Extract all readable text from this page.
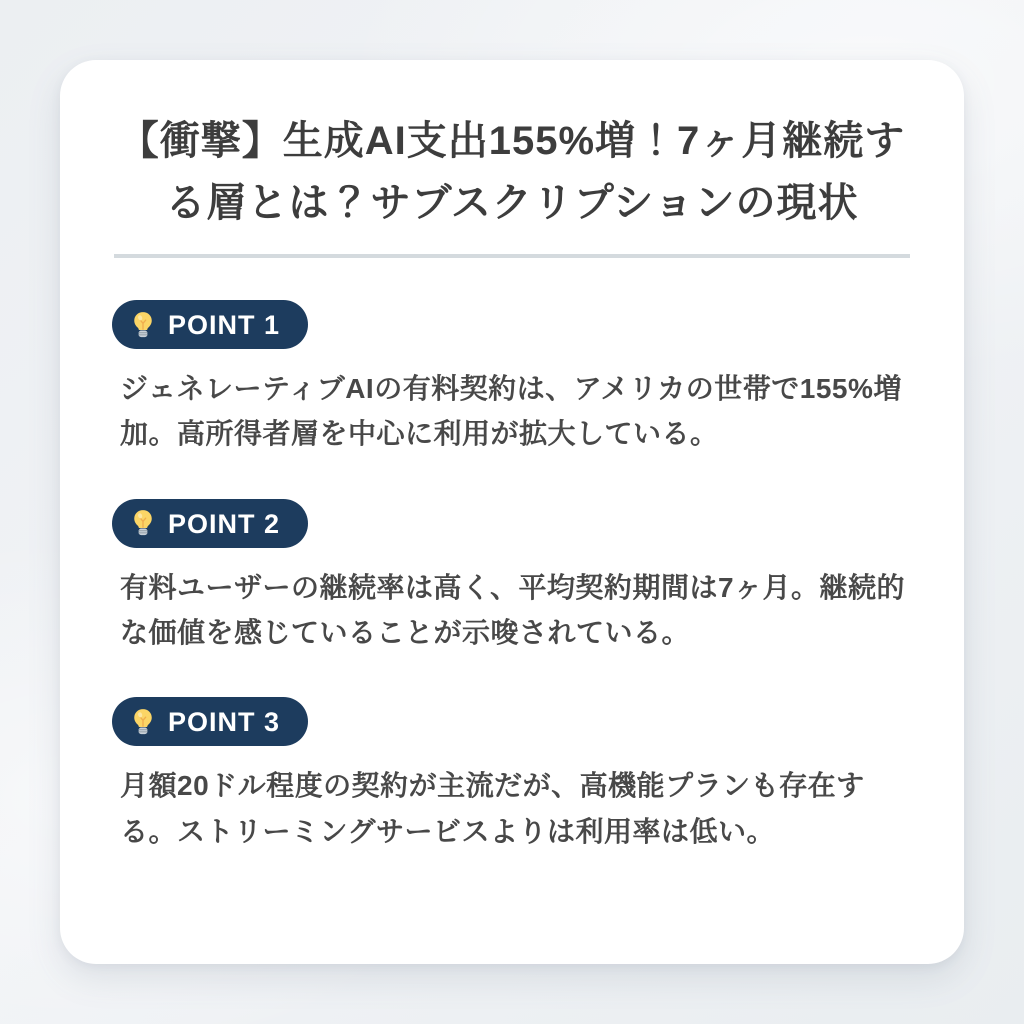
【衝撃】生成AI支出155%増！7ヶ月継続する層とは？サブスクリプションの現状
POINT 1

ジェネレーティブAIの有料契約は、アメリカの世帯で155%増加。高所得者層を中心に利用が拡大している。

POINT 2

有料ユーザーの継続率は高く、平均契約期間は7ヶ月。継続的な価値を感じていることが示唆されている。

POINT 3

月額20ドル程度の契約が主流だが、高機能プランも存在する。ストリーミングサービスよりは利用率は低い。
